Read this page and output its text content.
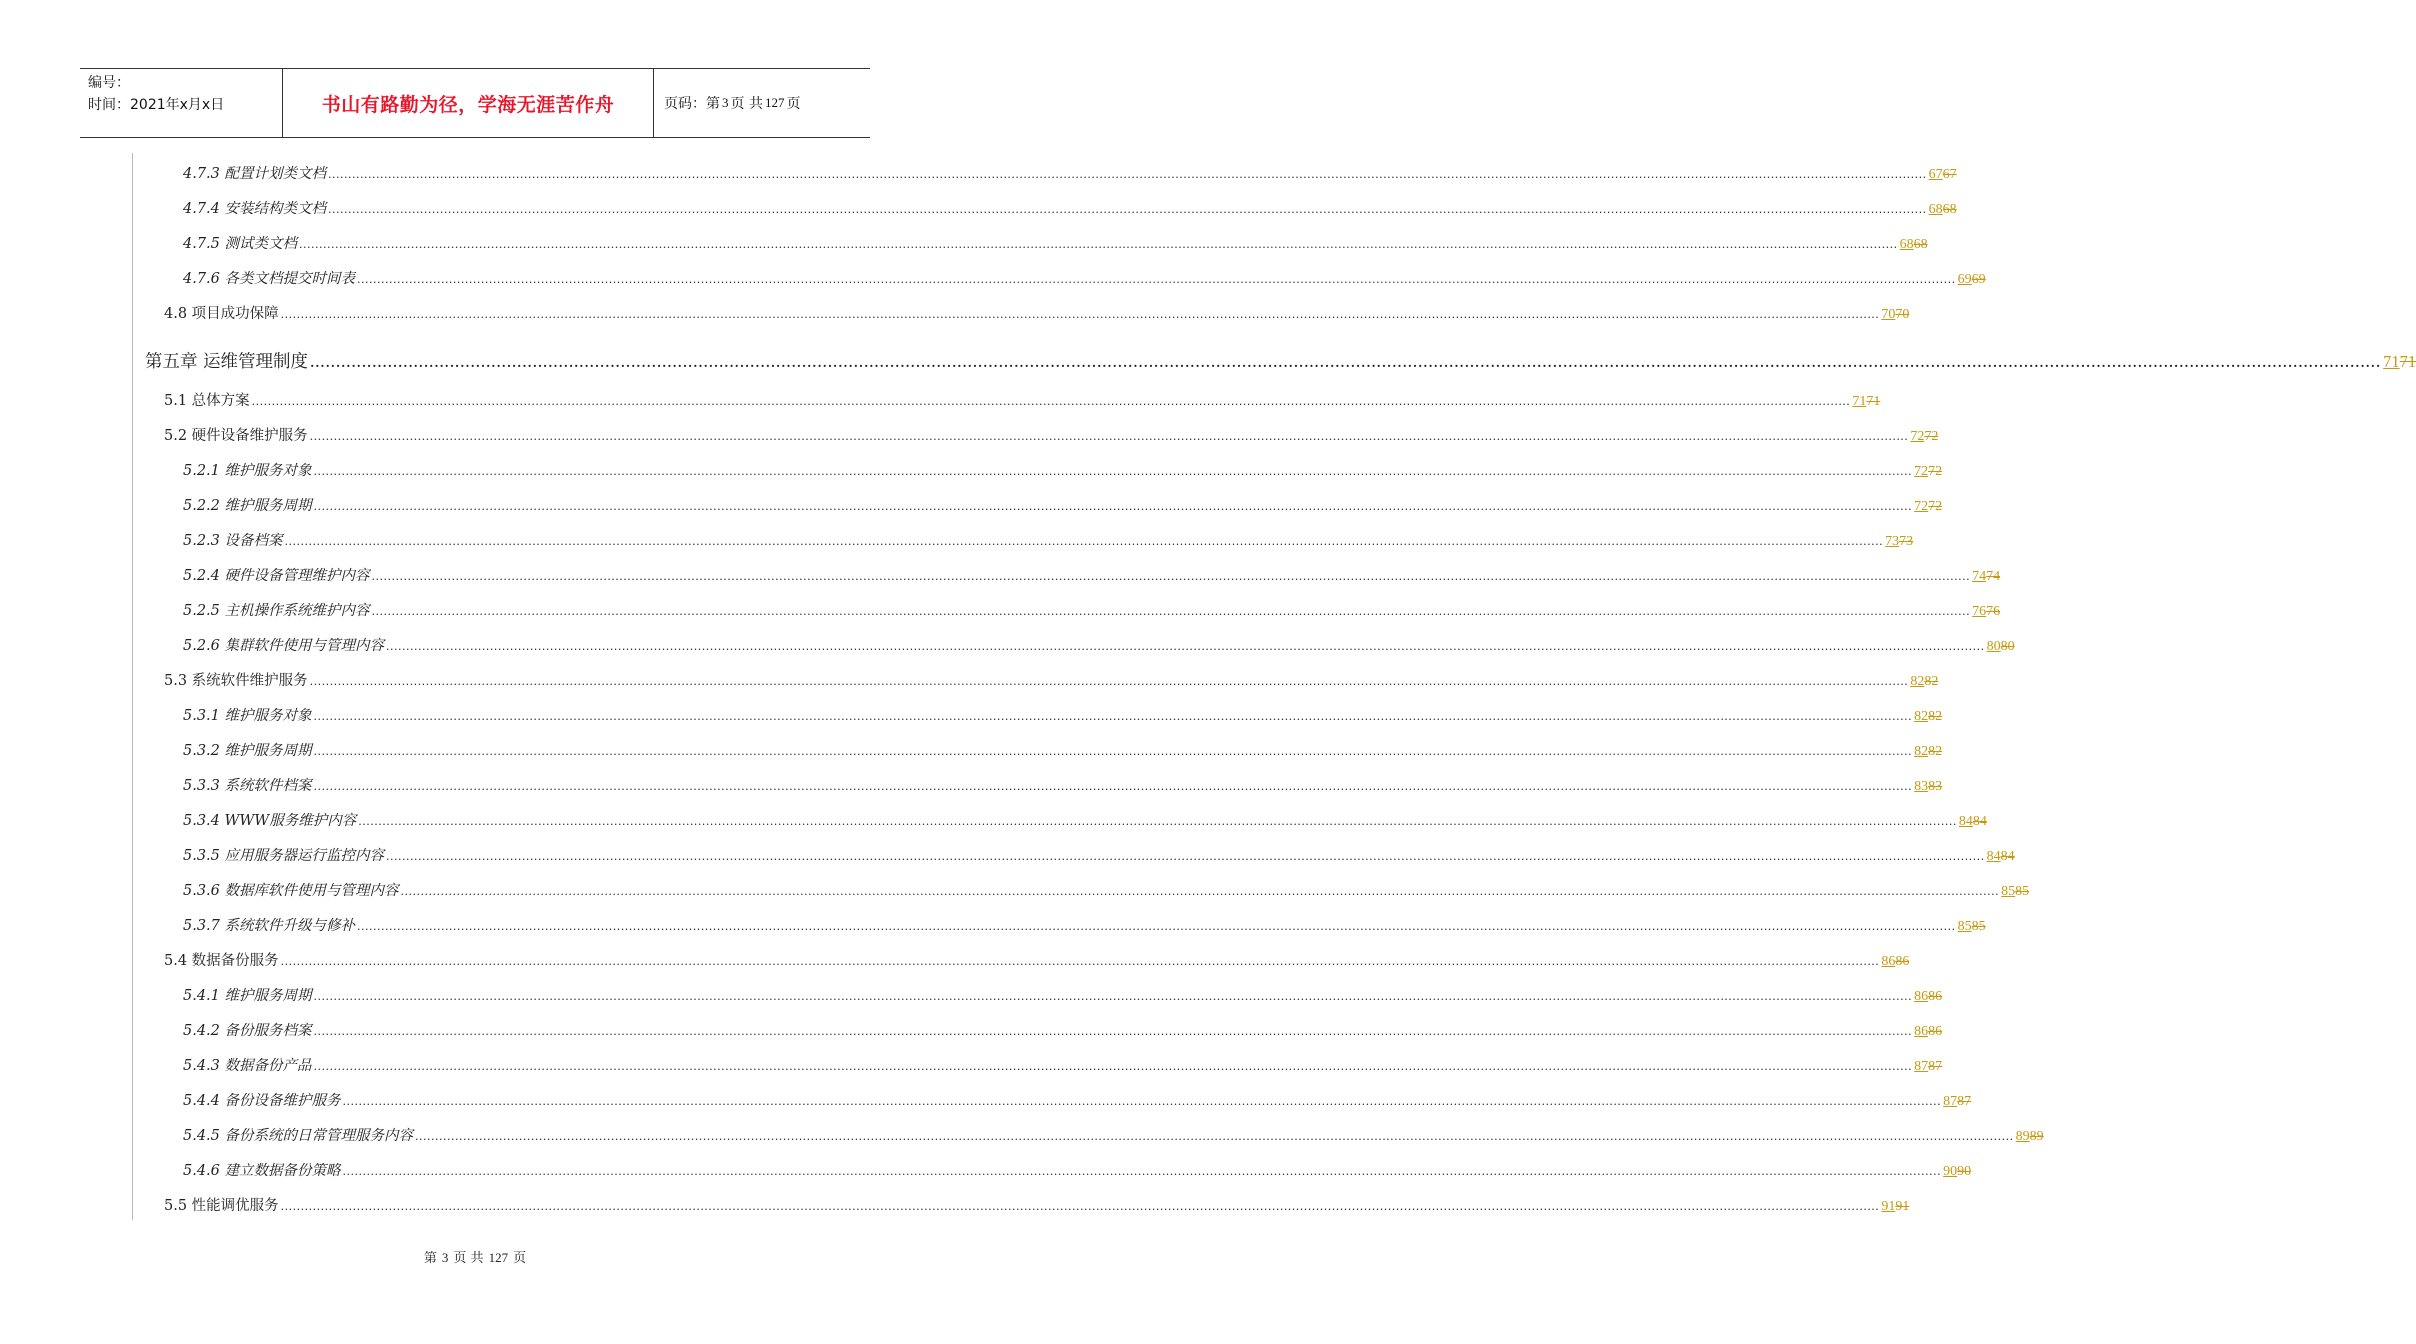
编号：
时间：2021年x月x日	书山有路勤为径，学海无涯苦作舟	页码：第 3 页 共 127 页
4.7.3 配置计划类文档 ................................................................................................................................................................................................................................................................................................................................................................................................................ 6767
4.7.4 安装结构类文档 ................................................................................................................................................................................................................................................................................................................................................................................................................ 6868
4.7.5 测试类文档 ................................................................................................................................................................................................................................................................................................................................................................................................................ 6868
4.7.6 各类文档提交时间表 ................................................................................................................................................................................................................................................................................................................................................................................................................ 6969
4.8 项目成功保障 ................................................................................................................................................................................................................................................................................................................................................................................................................ 7070
第五章 运维管理制度 ................................................................................................................................................................................................................................................................................................................................................................................................................ 7171
5.1 总体方案 ................................................................................................................................................................................................................................................................................................................................................................................................................ 7171
5.2 硬件设备维护服务 ................................................................................................................................................................................................................................................................................................................................................................................................................ 7272
5.2.1 维护服务对象 ................................................................................................................................................................................................................................................................................................................................................................................................................ 7272
5.2.2 维护服务周期 ................................................................................................................................................................................................................................................................................................................................................................................................................ 7272
5.2.3 设备档案 ................................................................................................................................................................................................................................................................................................................................................................................................................ 7373
5.2.4 硬件设备管理维护内容 ................................................................................................................................................................................................................................................................................................................................................................................................................ 7474
5.2.5 主机操作系统维护内容 ................................................................................................................................................................................................................................................................................................................................................................................................................ 7676
5.2.6 集群软件使用与管理内容 ................................................................................................................................................................................................................................................................................................................................................................................................................ 8080
5.3 系统软件维护服务 ................................................................................................................................................................................................................................................................................................................................................................................................................ 8282
5.3.1 维护服务对象 ................................................................................................................................................................................................................................................................................................................................................................................................................ 8282
5.3.2 维护服务周期 ................................................................................................................................................................................................................................................................................................................................................................................................................ 8282
5.3.3 系统软件档案 ................................................................................................................................................................................................................................................................................................................................................................................................................ 8383
5.3.4 WWW服务维护内容 ................................................................................................................................................................................................................................................................................................................................................................................................................ 8484
5.3.5 应用服务器运行监控内容 ................................................................................................................................................................................................................................................................................................................................................................................................................ 8484
5.3.6 数据库软件使用与管理内容 ................................................................................................................................................................................................................................................................................................................................................................................................................ 8585
5.3.7 系统软件升级与修补 ................................................................................................................................................................................................................................................................................................................................................................................................................ 8585
5.4 数据备份服务 ................................................................................................................................................................................................................................................................................................................................................................................................................ 8686
5.4.1 维护服务周期 ................................................................................................................................................................................................................................................................................................................................................................................................................ 8686
5.4.2 备份服务档案 ................................................................................................................................................................................................................................................................................................................................................................................................................ 8686
5.4.3 数据备份产品 ................................................................................................................................................................................................................................................................................................................................................................................................................ 8787
5.4.4 备份设备维护服务 ................................................................................................................................................................................................................................................................................................................................................................................................................ 8787
5.4.5 备份系统的日常管理服务内容 ................................................................................................................................................................................................................................................................................................................................................................................................................ 8989
5.4.6 建立数据备份策略 ................................................................................................................................................................................................................................................................................................................................................................................................................ 9090
5.5 性能调优服务 ................................................................................................................................................................................................................................................................................................................................................................................................................ 9191
第 3 页 共 127 页
